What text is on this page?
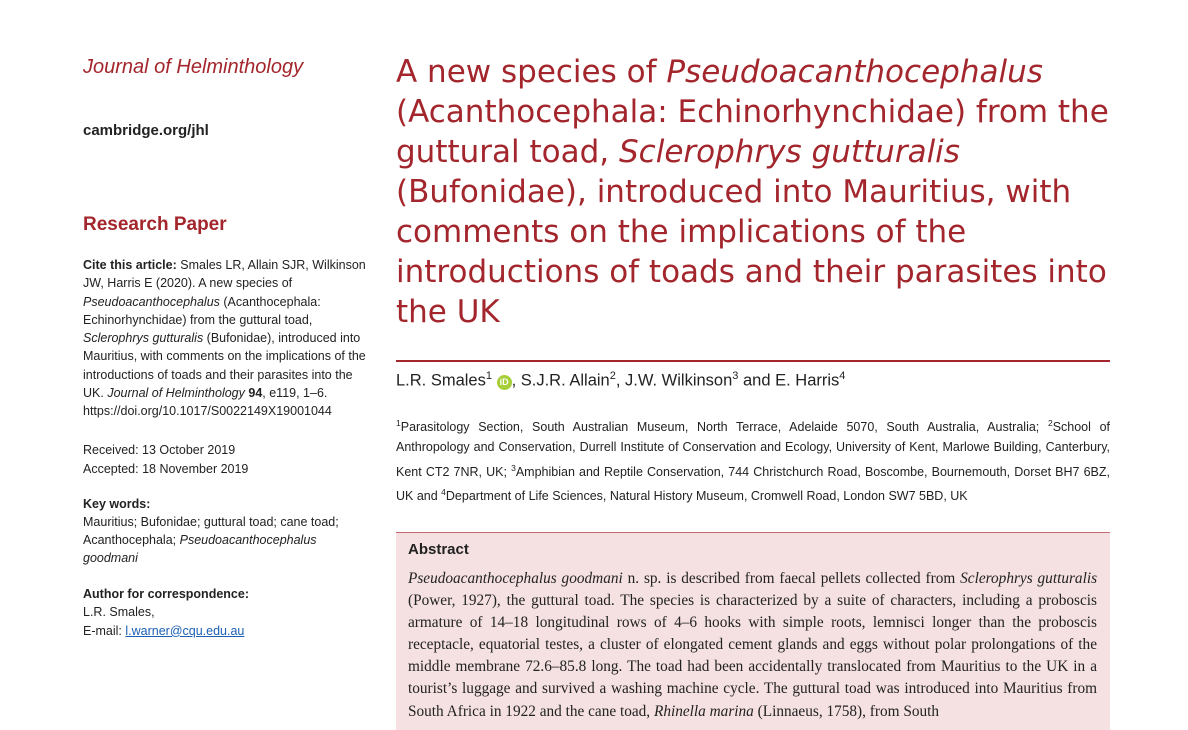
Journal of Helminthology

cambridge.org/jhl
Research Paper
Cite this article: Smales LR, Allain SJR, Wilkinson JW, Harris E (2020). A new species of Pseudoacanthocephalus (Acanthocephala: Echinorhynchidae) from the guttural toad, Sclerophrys gutturalis (Bufonidae), introduced into Mauritius, with comments on the implications of the introductions of toads and their parasites into the UK. Journal of Helminthology 94, e119, 1–6. https://doi.org/10.1017/S0022149X19001044
Received: 13 October 2019
Accepted: 18 November 2019
Key words:
Mauritius; Bufonidae; guttural toad; cane toad; Acanthocephala; Pseudoacanthocephalus goodmani
Author for correspondence:
L.R. Smales,
E-mail: l.warner@cqu.edu.au
A new species of Pseudoacanthocephalus (Acanthocephala: Echinorhynchidae) from the guttural toad, Sclerophrys gutturalis (Bufonidae), introduced into Mauritius, with comments on the implications of the introductions of toads and their parasites into the UK
L.R. Smales$^1$ iD , S.J.R. Allain$^2$, J.W. Wilkinson$^3$ and E. Harris$^4$
$^1$Parasitology Section, South Australian Museum, North Terrace, Adelaide 5070, South Australia, Australia; $^2$School of Anthropology and Conservation, Durrell Institute of Conservation and Ecology, University of Kent, Marlowe Building, Canterbury, Kent CT2 7NR, UK; $^3$Amphibian and Reptile Conservation, 744 Christchurch Road, Boscombe, Bournemouth, Dorset BH7 6BZ, UK and $^4$Department of Life Sciences, Natural History Museum, Cromwell Road, London SW7 5BD, UK
Abstract
Pseudoacanthocephalus goodmani n. sp. is described from faecal pellets collected from Sclerophrys gutturalis (Power, 1927), the guttural toad. The species is characterized by a suite of characters, including a proboscis armature of 14–18 longitudinal rows of 4–6 hooks with simple roots, lemnisci longer than the proboscis receptacle, equatorial testes, a cluster of elongated cement glands and eggs without polar prolongations of the middle membrane 72.6–85.8 long. The toad had been accidentally translocated from Mauritius to the UK in a tourist’s luggage and survived a washing machine cycle. The guttural toad was introduced into Mauritius from South Africa in 1922 and the cane toad, Rhinella marina (Linnaeus, 1758), from South
